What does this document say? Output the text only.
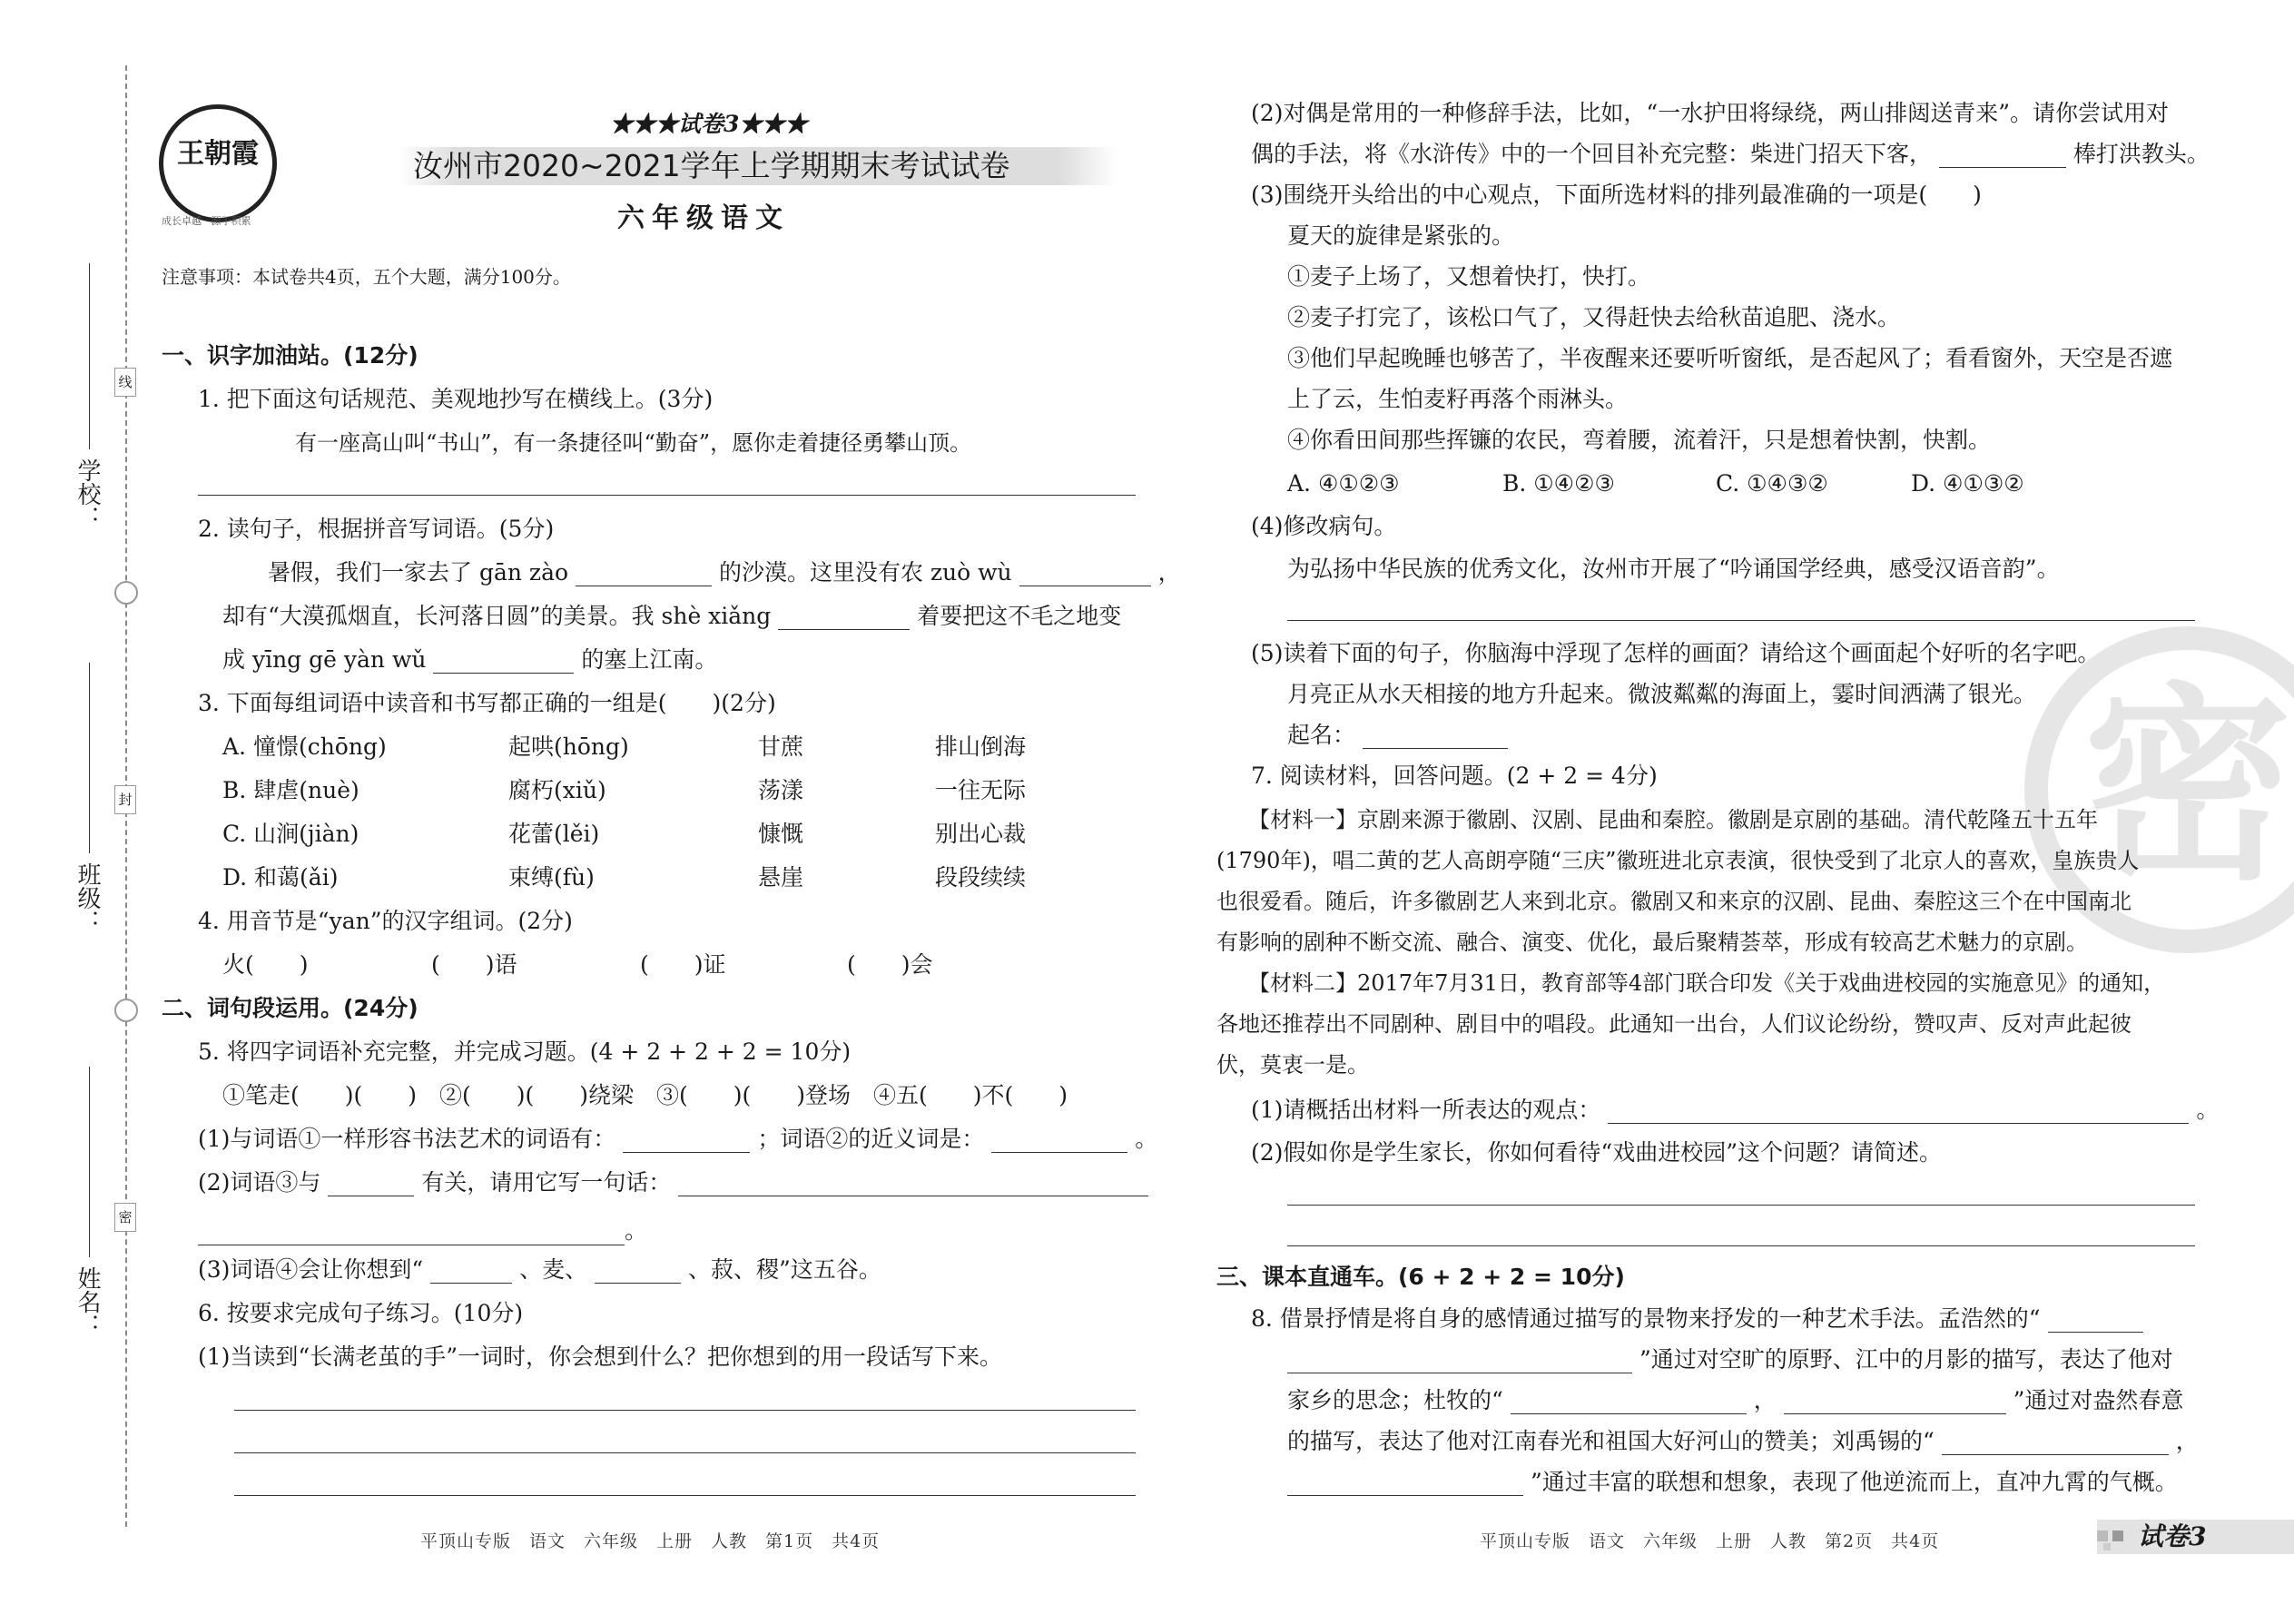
学校：
班级：
姓名：
线
封
密
王朝霞
成长卓越 · 源于积累
★★★试卷3★★★
汝州市2020~2021学年上学期期末考试试卷
六年级语文
注意事项：本试卷共4页，五个大题，满分100分。
一、识字加油站。(12分)
1. 把下面这句话规范、美观地抄写在横线上。(3分)
有一座高山叫“书山”，有一条捷径叫“勤奋”，愿你走着捷径勇攀山顶。
2. 读句子，根据拼音写词语。(5分)
暑假，我们一家去了 gān zào	的沙漠。这里没有农 zuò wù	，
却有“大漠孤烟直，长河落日圆”的美景。我 shè xiǎng	着要把这不毛之地变
成 yīng gē yàn wǔ	的塞上江南。
3. 下面每组词语中读音和书写都正确的一组是(　　)(2分)
A. 憧憬(chōng)	起哄(hōng)	甘蔗	排山倒海
B. 肆虐(nuè)	腐朽(xiǔ)	荡漾	一往无际
C. 山涧(jiàn)	花蕾(lěi)	慷慨	别出心裁
D. 和蔼(ǎi)	束缚(fù)	悬崖	段段续续
4. 用音节是“yan”的汉字组词。(2分)
火(　　)	(　　)语	(　　)证	(　　)会
二、词句段运用。(24分)
5. 将四字词语补充完整，并完成习题。(4 + 2 + 2 + 2 = 10分)
①笔走(　　)(　　)　②(　　)(　　)绕梁　③(　　)(　　)登场　④五(　　)不(　　)
(1)与词语①一样形容书法艺术的词语有：	；词语②的近义词是：	。
(2)词语③与	有关，请用它写一句话：
。
(3)词语④会让你想到“	、麦、	、菽、稷”这五谷。
6. 按要求完成句子练习。(10分)
(1)当读到“长满老茧的手”一词时，你会想到什么？把你想到的用一段话写下来。
平顶山专版　语文　六年级　上册　人教　第1页　共4页
密
(2)对偶是常用的一种修辞手法，比如，“一水护田将绿绕，两山排闼送青来”。请你尝试用对
偶的手法，将《水浒传》中的一个回目补充完整：柴进门招天下客，	棒打洪教头。
(3)围绕开头给出的中心观点，下面所选材料的排列最准确的一项是(　　)
夏天的旋律是紧张的。
①麦子上场了，又想着快打，快打。
②麦子打完了，该松口气了，又得赶快去给秋苗追肥、浇水。
③他们早起晚睡也够苦了，半夜醒来还要听听窗纸，是否起风了；看看窗外，天空是否遮
上了云，生怕麦籽再落个雨淋头。
④你看田间那些挥镰的农民，弯着腰，流着汗，只是想着快割，快割。
A. ④①②③	B. ①④②③	C. ①④③②	D. ④①③②
(4)修改病句。
为弘扬中华民族的优秀文化，汝州市开展了“吟诵国学经典，感受汉语音韵”。
(5)读着下面的句子，你脑海中浮现了怎样的画面？请给这个画面起个好听的名字吧。
月亮正从水天相接的地方升起来。微波粼粼的海面上，霎时间洒满了银光。
起名：
7. 阅读材料，回答问题。(2 + 2 = 4分)
【材料一】京剧来源于徽剧、汉剧、昆曲和秦腔。徽剧是京剧的基础。清代乾隆五十五年
(1790年)，唱二黄的艺人高朗亭随“三庆”徽班进北京表演，很快受到了北京人的喜欢，皇族贵人
也很爱看。随后，许多徽剧艺人来到北京。徽剧又和来京的汉剧、昆曲、秦腔这三个在中国南北
有影响的剧种不断交流、融合、演变、优化，最后聚精荟萃，形成有较高艺术魅力的京剧。
【材料二】2017年7月31日，教育部等4部门联合印发《关于戏曲进校园的实施意见》的通知，
各地还推荐出不同剧种、剧目中的唱段。此通知一出台，人们议论纷纷，赞叹声、反对声此起彼
伏，莫衷一是。
(1)请概括出材料一所表达的观点：	。
(2)假如你是学生家长，你如何看待“戏曲进校园”这个问题？请简述。
三、课本直通车。(6 + 2 + 2 = 10分)
8. 借景抒情是将自身的感情通过描写的景物来抒发的一种艺术手法。孟浩然的“
”通过对空旷的原野、江中的月影的描写，表达了他对
家乡的思念；杜牧的“	，	”通过对盎然春意
的描写，表达了他对江南春光和祖国大好河山的赞美；刘禹锡的“	，
”通过丰富的联想和想象，表现了他逆流而上，直冲九霄的气概。
平顶山专版　语文　六年级　上册　人教　第2页　共4页	试卷3
